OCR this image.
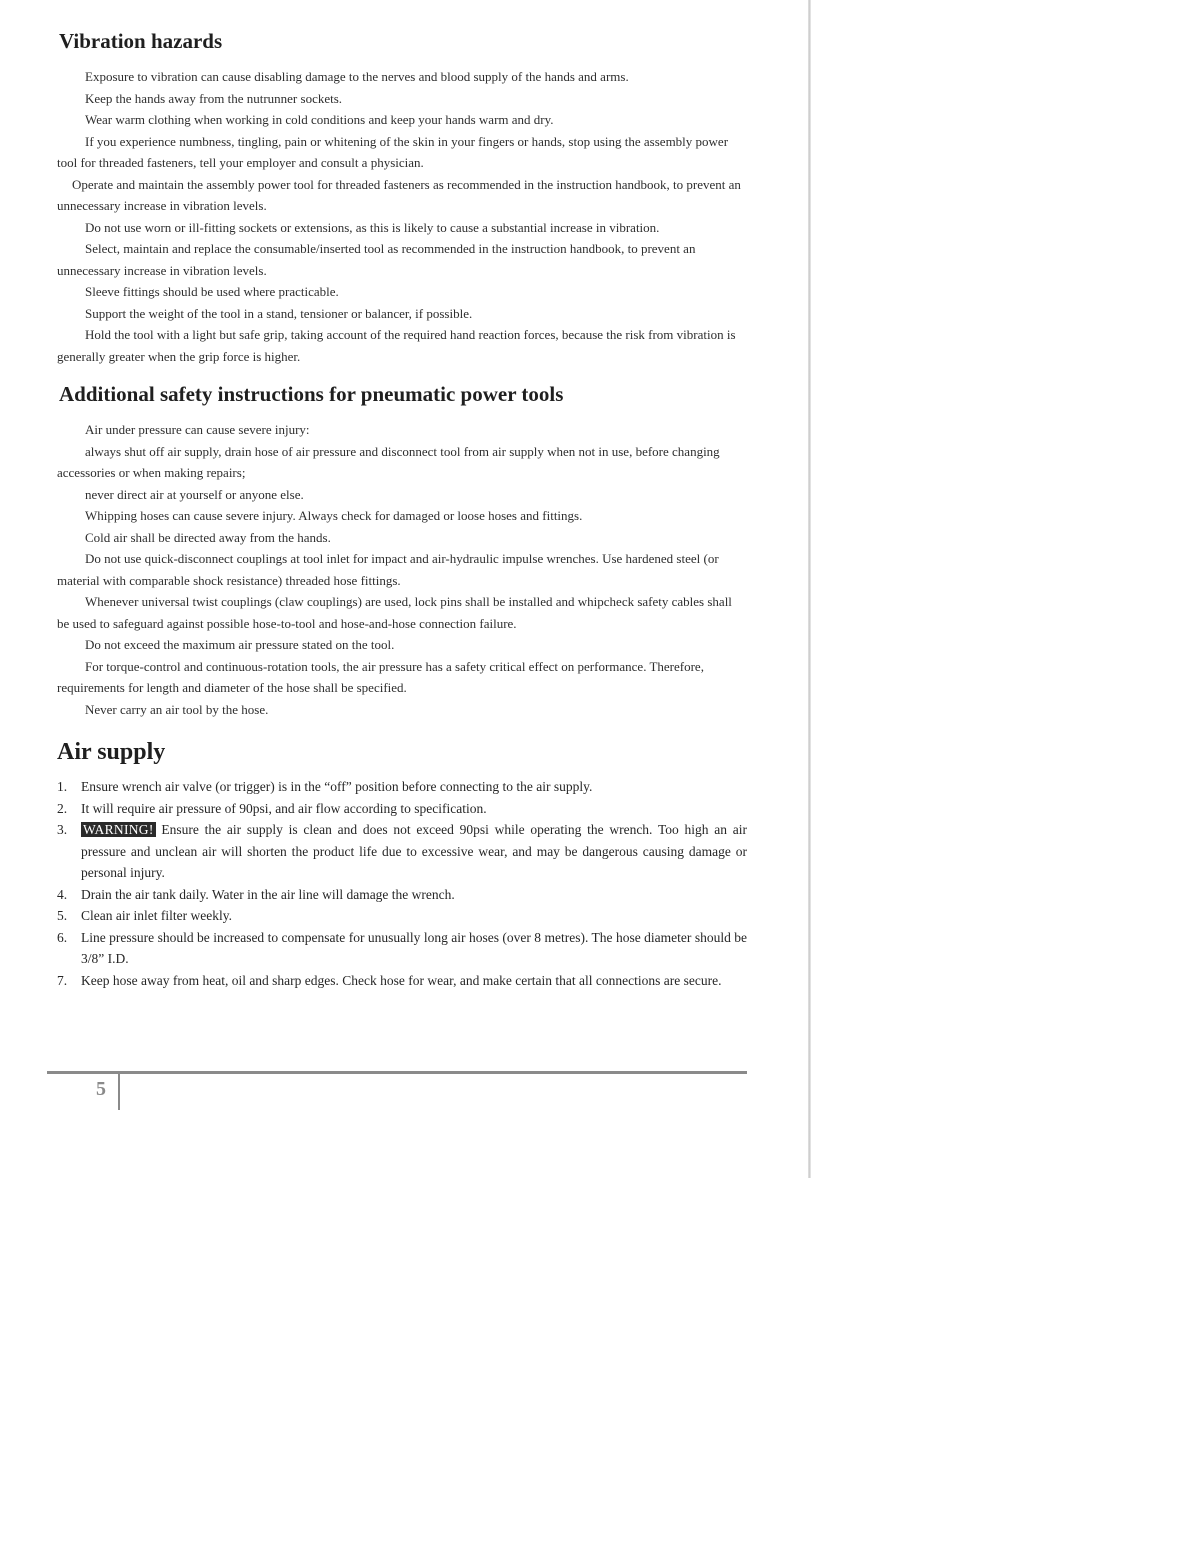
Vibration hazards

Exposure to vibration can cause disabling damage to the nerves and blood supply of the hands and arms.

Keep the hands away from the nutrunner sockets.

Wear warm clothing when working in cold conditions and keep your hands warm and dry.

If you experience numbness, tingling, pain or whitening of the skin in your fingers or hands, stop using the assembly power tool for threaded fasteners, tell your employer and consult a physician.

Operate and maintain the assembly power tool for threaded fasteners as recommended in the instruction handbook, to prevent an unnecessary increase in vibration levels.

Do not use worn or ill-fitting sockets or extensions, as this is likely to cause a substantial increase in vibration.

Select, maintain and replace the consumable/inserted tool as recommended in the instruction handbook, to prevent an unnecessary increase in vibration levels.

Sleeve fittings should be used where practicable.

Support the weight of the tool in a stand, tensioner or balancer, if possible.

Hold the tool with a light but safe grip, taking account of the required hand reaction forces, because the risk from vibration is generally greater when the grip force is higher.

Additional safety instructions for pneumatic power tools

Air under pressure can cause severe injury:

always shut off air supply, drain hose of air pressure and disconnect tool from air supply when not in use, before changing accessories or when making repairs;

never direct air at yourself or anyone else.

Whipping hoses can cause severe injury. Always check for damaged or loose hoses and fittings.

Cold air shall be directed away from the hands.

Do not use quick-disconnect couplings at tool inlet for impact and air-hydraulic impulse wrenches. Use hardened steel (or material with comparable shock resistance) threaded hose fittings.

Whenever universal twist couplings (claw couplings) are used, lock pins shall be installed and whipcheck safety cables shall be used to safeguard against possible hose-to-tool and hose-and-hose connection failure.

Do not exceed the maximum air pressure stated on the tool.

For torque-control and continuous-rotation tools, the air pressure has a safety critical effect on performance. Therefore, requirements for length and diameter of the hose shall be specified.

Never carry an air tool by the hose.

Air supply
1. Ensure wrench air valve (or trigger) is in the “off” position before connecting to the air supply.
2. It will require air pressure of 90psi, and air flow according to specification.
3. WARNING! Ensure the air supply is clean and does not exceed 90psi while operating the wrench. Too high an air pressure and unclean air will shorten the product life due to excessive wear, and may be dangerous causing damage or personal injury.
4. Drain the air tank daily. Water in the air line will damage the wrench.
5. Clean air inlet filter weekly.
6. Line pressure should be increased to compensate for unusually long air hoses (over 8 metres). The hose diameter should be 3/8” I.D.
7. Keep hose away from heat, oil and sharp edges. Check hose for wear, and make certain that all connections are secure.
5
